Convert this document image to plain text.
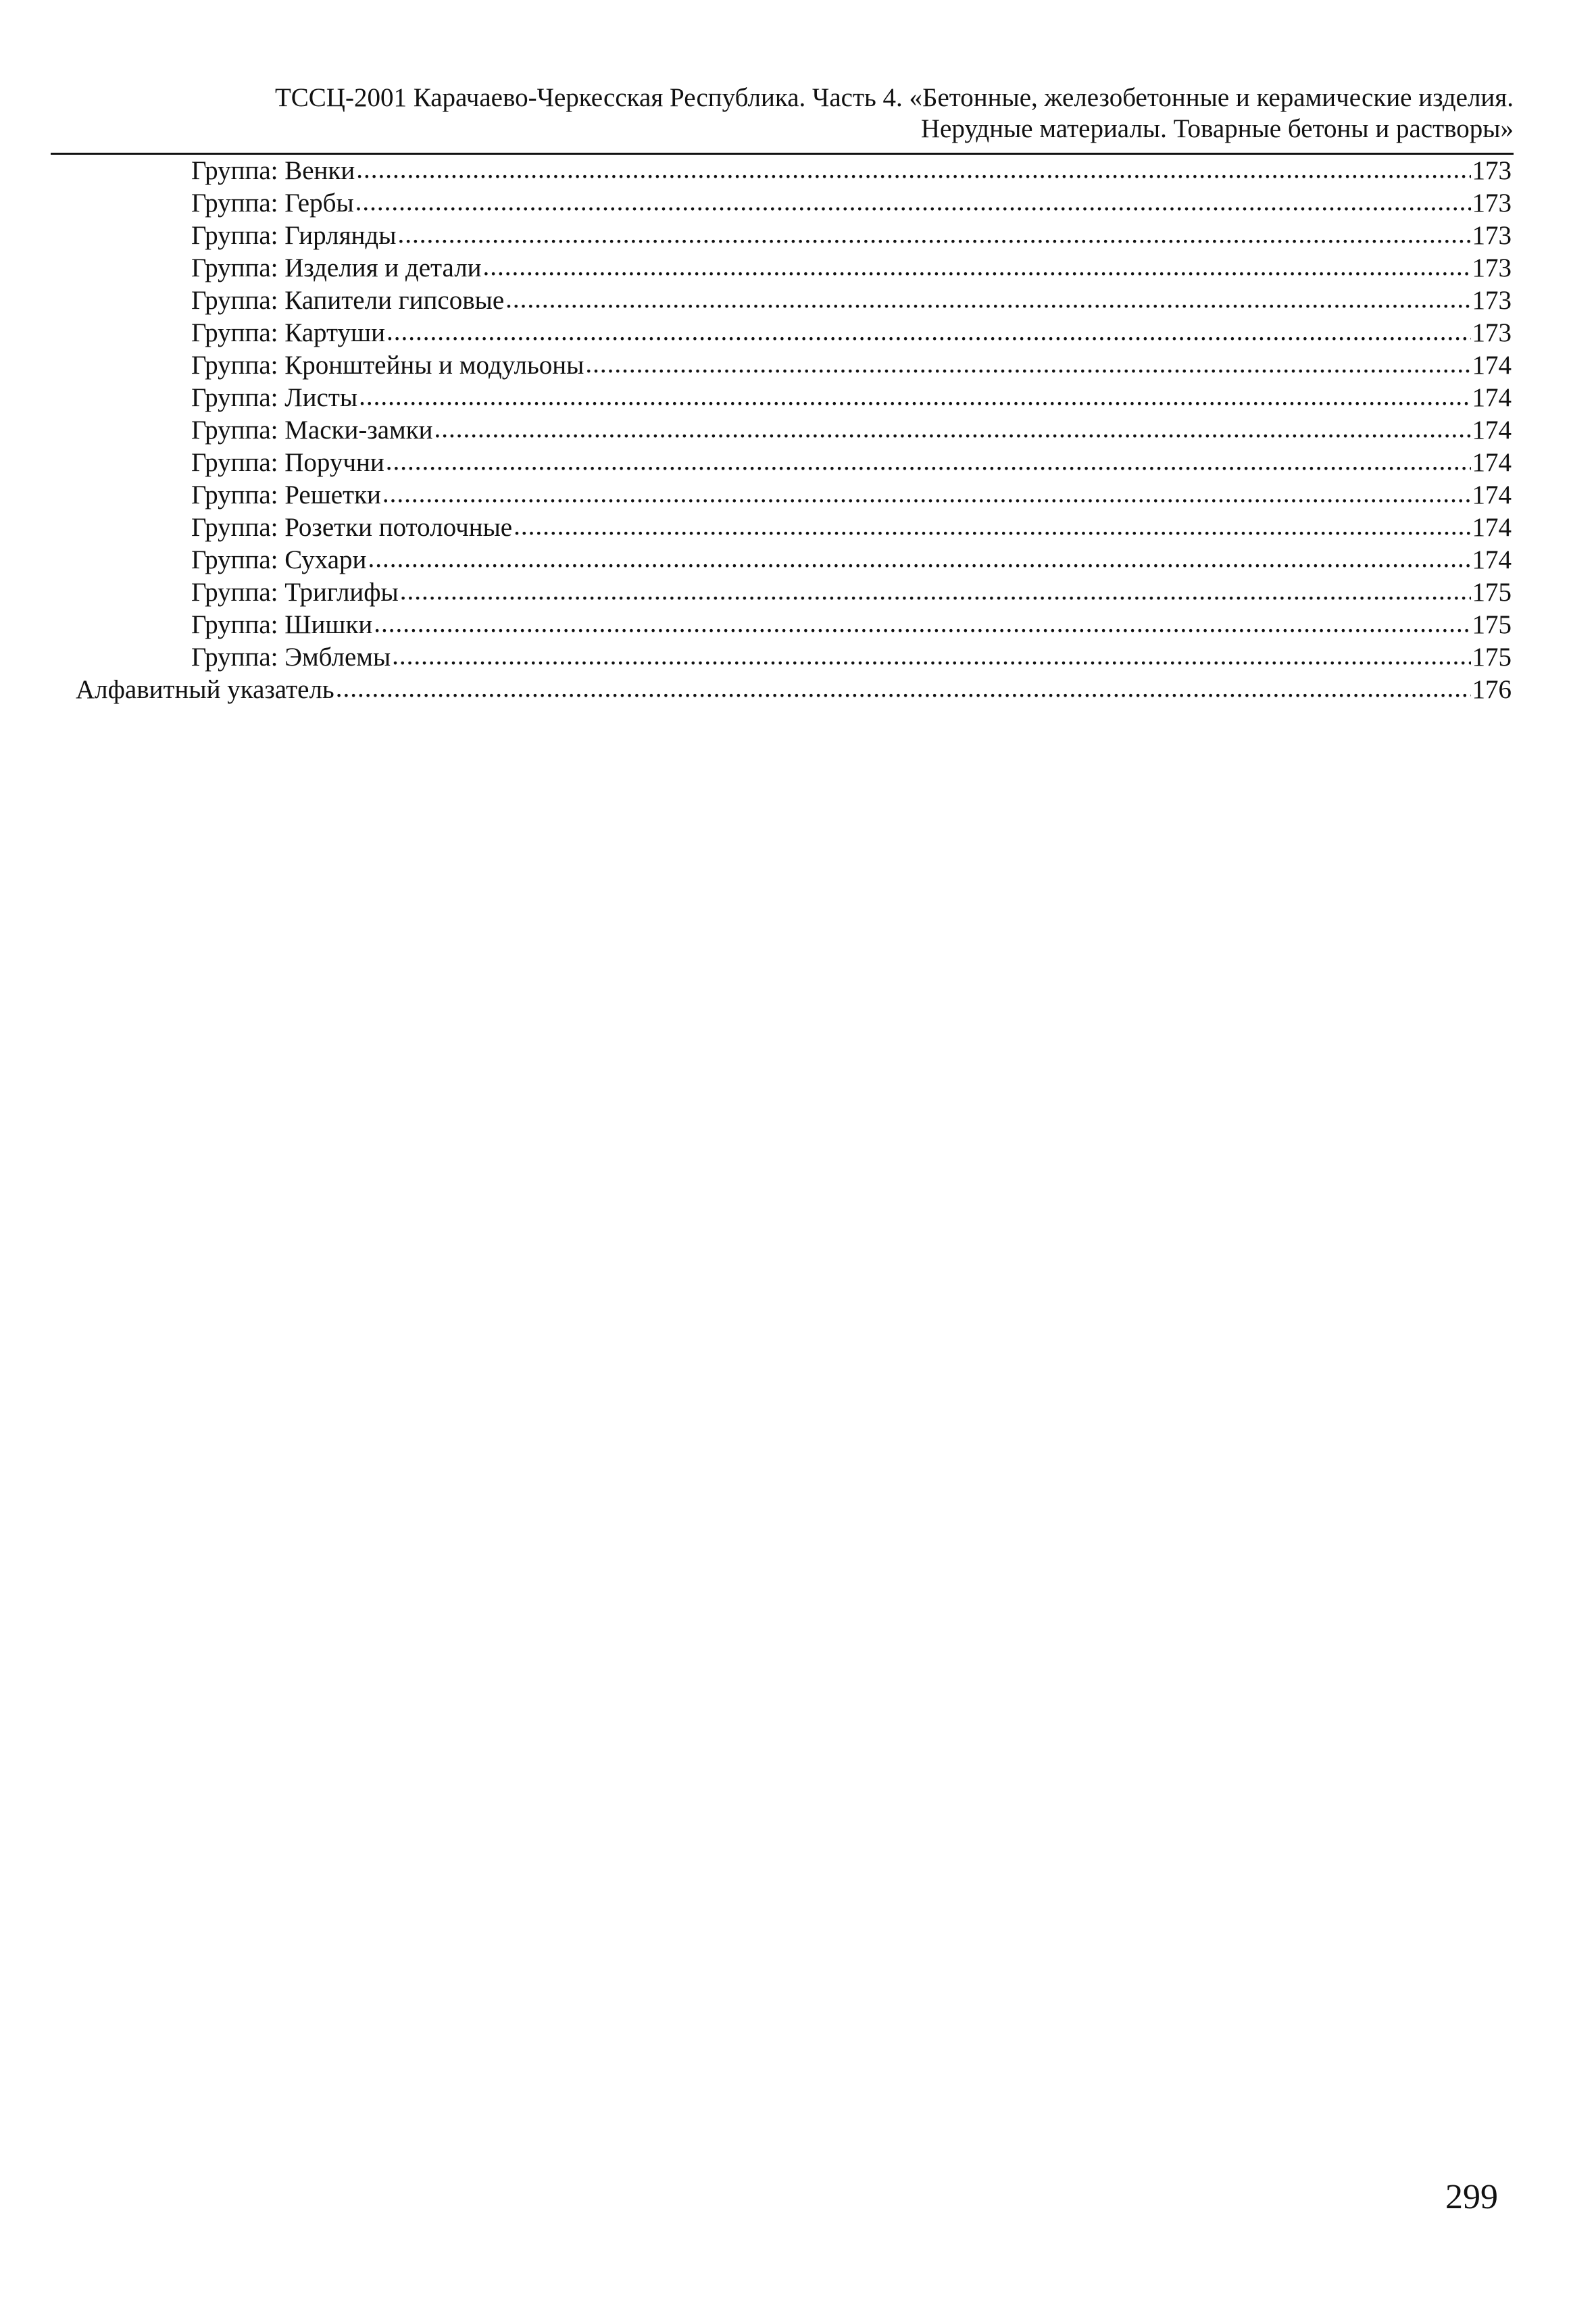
ТССЦ-2001 Карачаево-Черкесская Республика. Часть 4. «Бетонные, железобетонные и керамические изделия.
Нерудные материалы. Товарные бетоны и растворы»
Группа: Венки .....	173
Группа: Гербы .....	173
Группа: Гирлянды .....	173
Группа: Изделия и детали .....	173
Группа: Капители гипсовые .....	173
Группа: Картуши .....	173
Группа: Кронштейны и модульоны .....	174
Группа: Листы .....	174
Группа: Маски-замки .....	174
Группа: Поручни .....	174
Группа: Решетки .....	174
Группа: Розетки потолочные .....	174
Группа: Сухари .....	174
Группа: Триглифы .....	175
Группа: Шишки .....	175
Группа: Эмблемы .....	175
Алфавитный указатель .....	176
299
